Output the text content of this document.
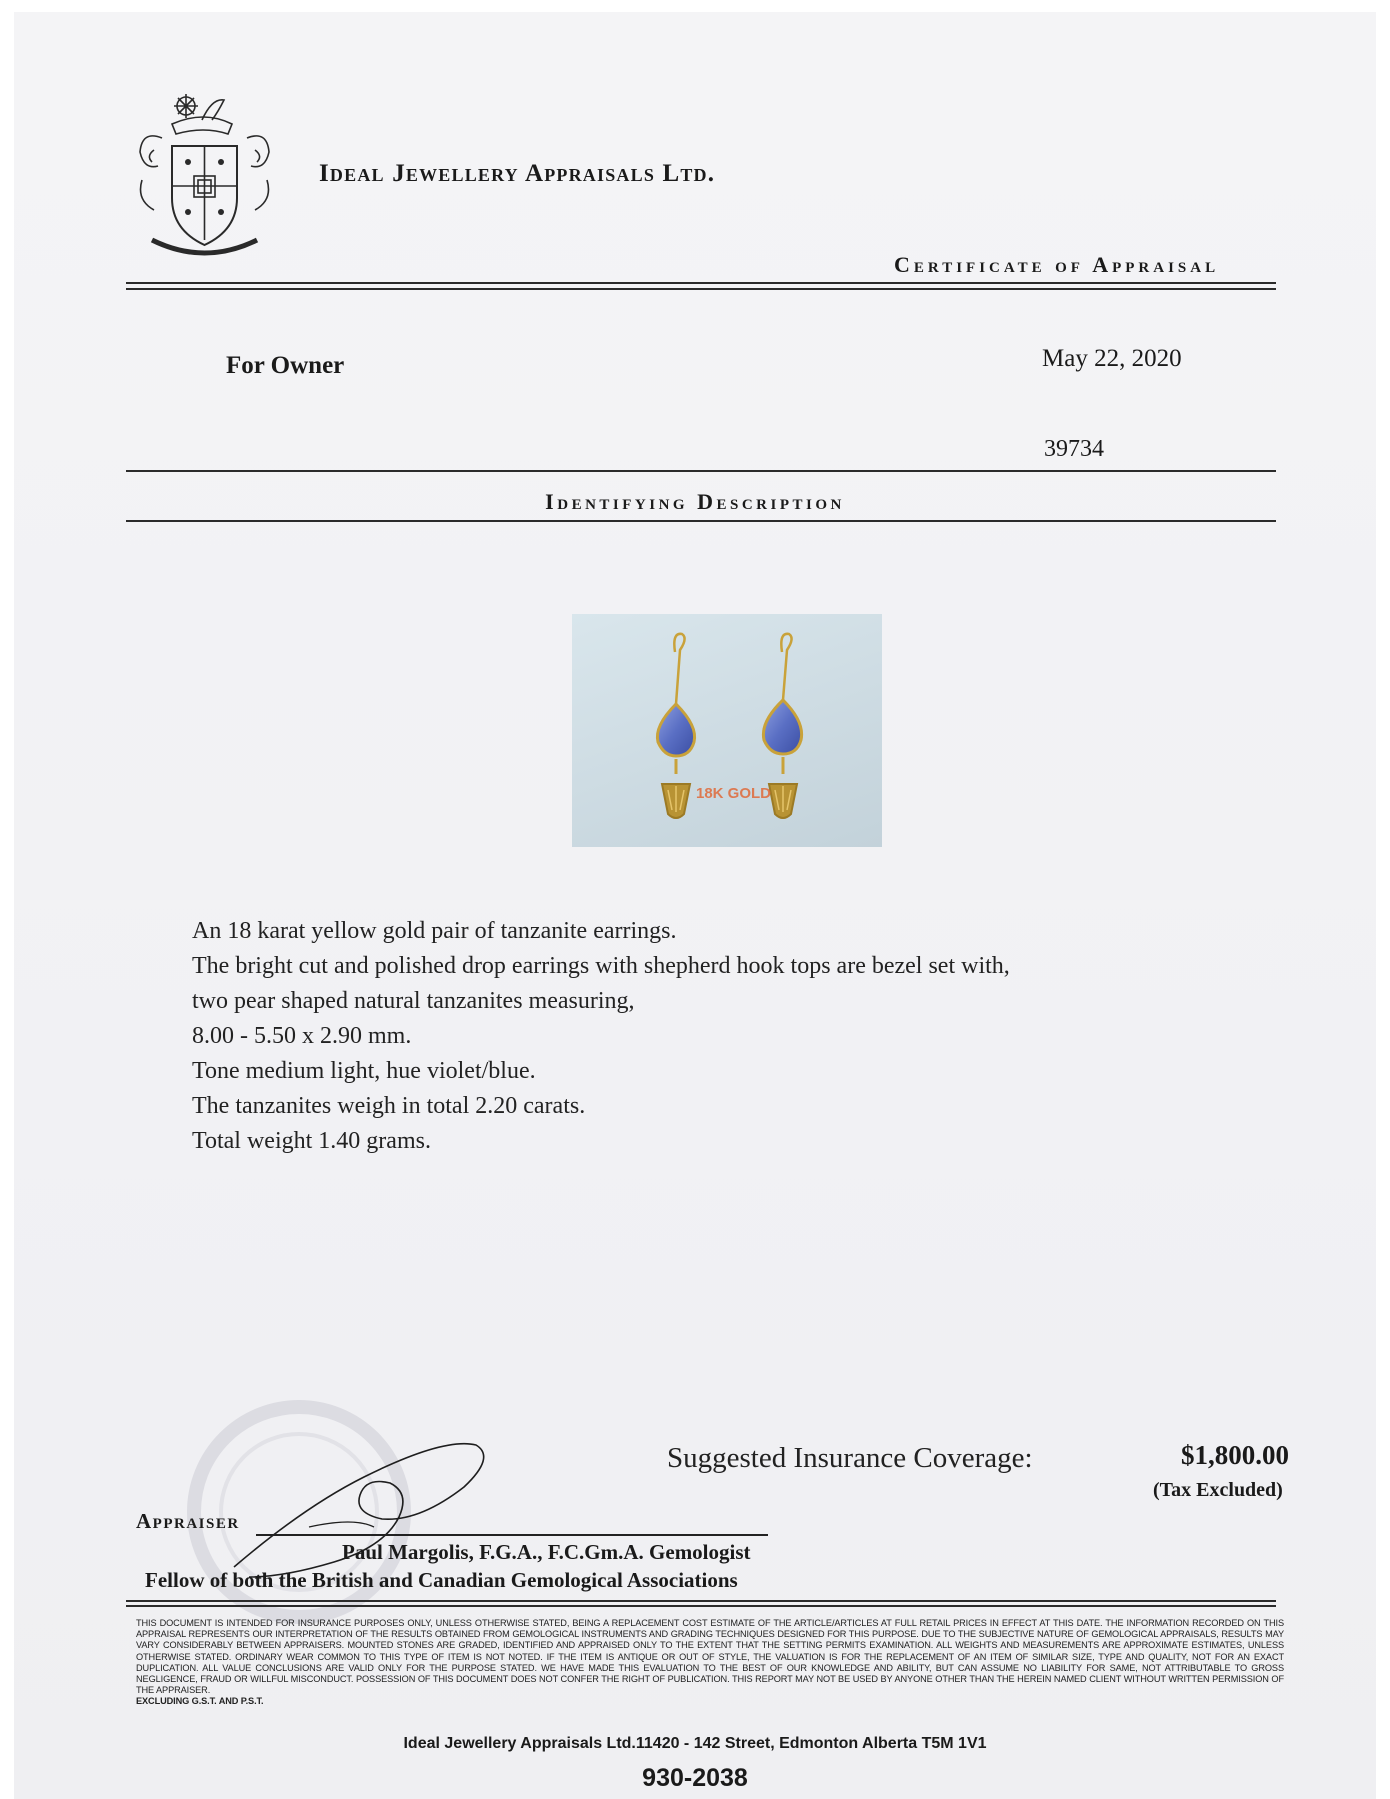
Ideal Jewellery Appraisals Ltd.
Certificate of Appraisal
For Owner	May 22, 2020
39734
Identifying Description
18K GOLD
An 18 karat yellow gold pair of tanzanite earrings.
The bright cut and polished drop earrings with shepherd hook tops are bezel set with,
two pear shaped natural tanzanites measuring,
8.00 - 5.50 x 2.90 mm.
Tone medium light, hue violet/blue.
The tanzanites weigh in total 2.20 carats.
Total weight 1.40 grams.
Suggested Insurance Coverage:	$1,800.00
(Tax Excluded)
Appraiser
Paul Margolis, F.G.A., F.C.Gm.A. Gemologist
Fellow of both the British and Canadian Gemological Associations
THIS DOCUMENT IS INTENDED FOR INSURANCE PURPOSES ONLY, UNLESS OTHERWISE STATED, BEING A REPLACEMENT COST ESTIMATE OF THE ARTICLE/ARTICLES AT FULL RETAIL PRICES IN EFFECT AT THIS DATE. THE INFORMATION RECORDED ON THIS APPRAISAL REPRESENTS OUR INTERPRETATION OF THE RESULTS OBTAINED FROM GEMOLOGICAL INSTRUMENTS AND GRADING TECHNIQUES DESIGNED FOR THIS PURPOSE. DUE TO THE SUBJECTIVE NATURE OF GEMOLOGICAL APPRAISALS, RESULTS MAY VARY CONSIDERABLY BETWEEN APPRAISERS. MOUNTED STONES ARE GRADED, IDENTIFIED AND APPRAISED ONLY TO THE EXTENT THAT THE SETTING PERMITS EXAMINATION. ALL WEIGHTS AND MEASUREMENTS ARE APPROXIMATE ESTIMATES, UNLESS OTHERWISE STATED. ORDINARY WEAR COMMON TO THIS TYPE OF ITEM IS NOT NOTED. IF THE ITEM IS ANTIQUE OR OUT OF STYLE, THE VALUATION IS FOR THE REPLACEMENT OF AN ITEM OF SIMILAR SIZE, TYPE AND QUALITY, NOT FOR AN EXACT DUPLICATION. ALL VALUE CONCLUSIONS ARE VALID ONLY FOR THE PURPOSE STATED. WE HAVE MADE THIS EVALUATION TO THE BEST OF OUR KNOWLEDGE AND ABILITY, BUT CAN ASSUME NO LIABILITY FOR SAME, NOT ATTRIBUTABLE TO GROSS NEGLIGENCE, FRAUD OR WILLFUL MISCONDUCT. POSSESSION OF THIS DOCUMENT DOES NOT CONFER THE RIGHT OF PUBLICATION. THIS REPORT MAY NOT BE USED BY ANYONE OTHER THAN THE HEREIN NAMED CLIENT WITHOUT WRITTEN PERMISSION OF THE APPRAISER.
EXCLUDING G.S.T. AND P.S.T.
Ideal Jewellery Appraisals Ltd.11420 - 142 Street, Edmonton Alberta T5M 1V1
930-2038
